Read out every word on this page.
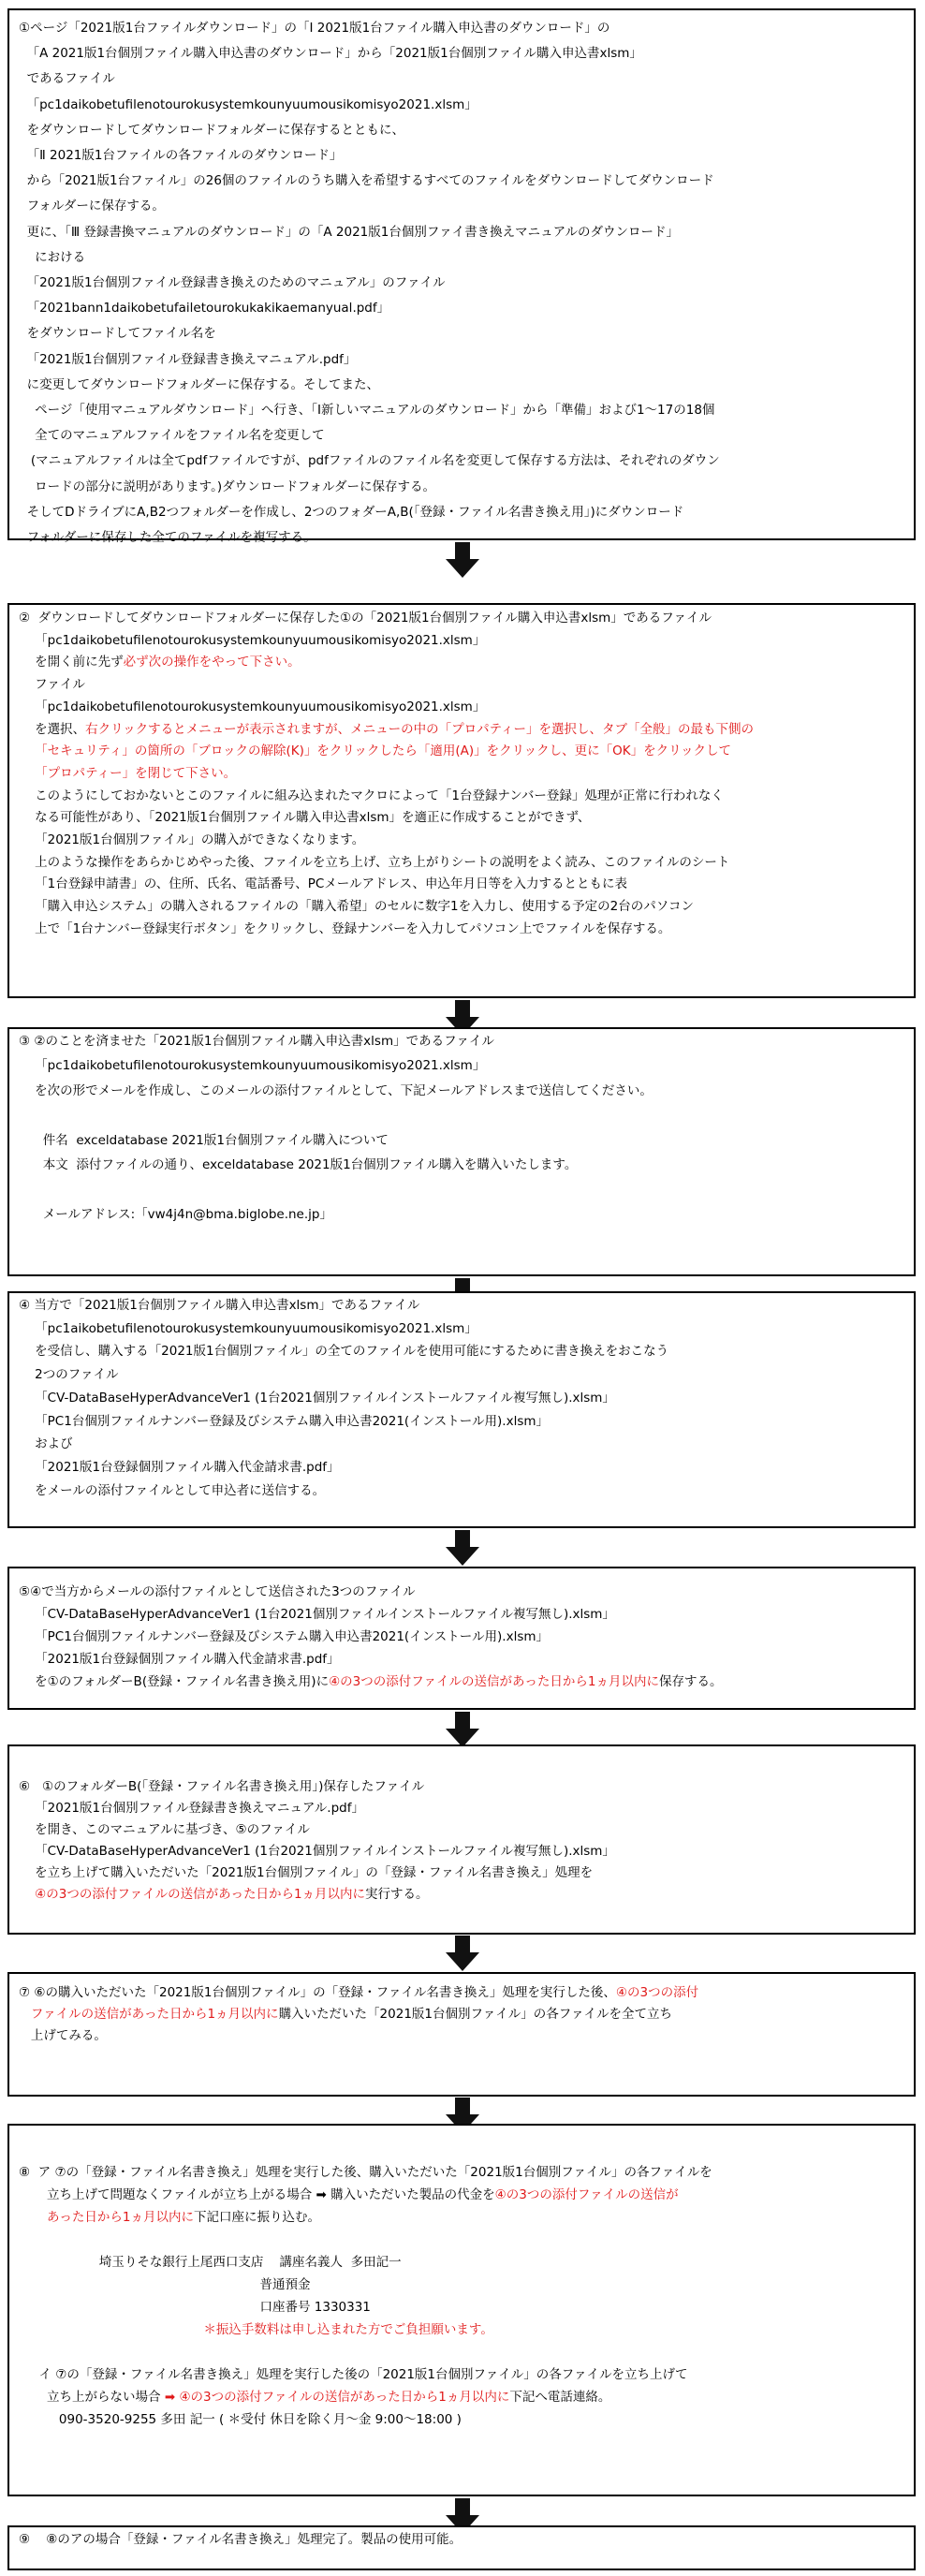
①ページ「2021版1台ファイルダウンロード」の「Ⅰ 2021版1台ファイル購入申込書のダウンロード」の
「A 2021版1台個別ファイル購入申込書のダウンロード」から「2021版1台個別ファイル購入申込書xlsm」
であるファイル
「pc1daikobetufilenotourokusystemkounyuumousikomisyo2021.xlsm」
をダウンロードしてダウンロードフォルダーに保存するとともに、
「Ⅱ 2021版1台ファイルの各ファイルのダウンロード」
から「2021版1台ファイル」の26個のファイルのうち購入を希望するすべてのファイルをダウンロードしてダウンロード
フォルダーに保存する。
更に、「Ⅲ 登録書換マニュアルのダウンロード」の「A 2021版1台個別ファイ書き換えマニュアルのダウンロード」
における
「2021版1台個別ファイル登録書き換えのためのマニュアル」のファイル
「2021bann1daikobetufailetourokukakikaemanyual.pdf」
をダウンロードしてファイル名を
「2021版1台個別ファイル登録書き換えマニュアル.pdf」
に変更してダウンロードフォルダーに保存する。そしてまた、
ページ「使用マニュアルダウンロード」へ行き、「Ⅰ新しいマニュアルのダウンロード」から「準備」および1～17の18個
全てのマニュアルファイルをファイル名を変更して
(マニュアルファイルは全てpdfファイルですが、pdfファイルのファイル名を変更して保存する方法は、それぞれのダウン
ロードの部分に説明があります。)ダウンロードフォルダーに保存する。
そしてDドライブにA,B2つフォルダーを作成し、2つのフォダーA,B(「登録・ファイル名書き換え用」)にダウンロード
フォルダーに保存した全てのファイルを複写する。
②  ダウンロードしてダウンロードフォルダーに保存した①の「2021版1台個別ファイル購入申込書xlsm」であるファイル
「pc1daikobetufilenotourokusystemkounyuumousikomisyo2021.xlsm」
を開く前に先ず必ず次の操作をやって下さい。
ファイル
「pc1daikobetufilenotourokusystemkounyuumousikomisyo2021.xlsm」
を選択、右クリックするとメニューが表示されますが、メニューの中の「プロパティー」を選択し、タブ「全般」の最も下側の
「セキュリティ」の箇所の「ブロックの解除(K)」をクリックしたら「適用(A)」をクリックし、更に「OK」をクリックして
「プロパティー」を閉じて下さい。
このようにしておかないとこのファイルに組み込まれたマクロによって「1台登録ナンバー登録」処理が正常に行われなく
なる可能性があり、「2021版1台個別ファイル購入申込書xlsm」を適正に作成することができず、
「2021版1台個別ファイル」の購入ができなくなります。
上のような操作をあらかじめやった後、ファイルを立ち上げ、立ち上がりシートの説明をよく読み、このファイルのシート
「1台登録申請書」の、住所、氏名、電話番号、PCメールアドレス、申込年月日等を入力するとともに表
「購入申込システム」の購入されるファイルの「購入希望」のセルに数字1を入力し、使用する予定の2台のパソコン
上で「1台ナンバー登録実行ボタン」をクリックし、登録ナンバーを入力してパソコン上でファイルを保存する。
③ ②のことを済ませた「2021版1台個別ファイル購入申込書xlsm」であるファイル
「pc1daikobetufilenotourokusystemkounyuumousikomisyo2021.xlsm」
を次の形でメールを作成し、このメールの添付ファイルとして、下記メールアドレスまで送信してください。
件名  exceldatabase 2021版1台個別ファイル購入について
本文  添付ファイルの通り、exceldatabase 2021版1台個別ファイル購入を購入いたします。
メールアドレス:「vw4j4n@bma.biglobe.ne.jp」
④ 当方で「2021版1台個別ファイル購入申込書xlsm」であるファイル
「pc1aikobetufilenotourokusystemkounyuumousikomisyo2021.xlsm」
を受信し、購入する「2021版1台個別ファイル」の全てのファイルを使用可能にするために書き換えをおこなう
2つのファイル
「CV-DataBaseHyperAdvanceVer1 (1台2021個別ファイルインストールファイル複写無し).xlsm」
「PC1台個別ファイルナンバー登録及びシステム購入申込書2021(インストール用).xlsm」
および
「2021版1台登録個別ファイル購入代金請求書.pdf」
をメールの添付ファイルとして申込者に送信する。
⑤④で当方からメールの添付ファイルとして送信された3つのファイル
「CV-DataBaseHyperAdvanceVer1 (1台2021個別ファイルインストールファイル複写無し).xlsm」
「PC1台個別ファイルナンバー登録及びシステム購入申込書2021(インストール用).xlsm」
「2021版1台登録個別ファイル購入代金請求書.pdf」
を①のフォルダーB(登録・ファイル名書き換え用)に④の3つの添付ファイルの送信があった日から1ヵ月以内に保存する。
⑥   ①のフォルダーB(「登録・ファイル名書き換え用」)保存したファイル
「2021版1台個別ファイル登録書き換えマニュアル.pdf」
を開き、このマニュアルに基づき、⑤のファイル
「CV-DataBaseHyperAdvanceVer1 (1台2021個別ファイルインストールファイル複写無し).xlsm」
を立ち上げて購入いただいた「2021版1台個別ファイル」の「登録・ファイル名書き換え」処理を
④の3つの添付ファイルの送信があった日から1ヵ月以内に実行する。
⑦ ⑥の購入いただいた「2021版1台個別ファイル」の「登録・ファイル名書き換え」処理を実行した後、④の3つの添付
ファイルの送信があった日から1ヵ月以内に購入いただいた「2021版1台個別ファイル」の各ファイルを全て立ち
上げてみる。
⑧  ア ⑦の「登録・ファイル名書き換え」処理を実行した後、購入いただいた「2021版1台個別ファイル」の各ファイルを
立ち上げて問題なくファイルが立ち上がる場合 ➡ 購入いただいた製品の代金を④の3つの添付ファイルの送信が
あった日から1ヵ月以内に下記口座に振り込む。
埼玉りそな銀行上尾西口支店    講座名義人  多田記一
普通預金
口座番号 1330331
＊振込手数料は申し込まれた方でご負担願います。
イ ⑦の「登録・ファイル名書き換え」処理を実行した後の「2021版1台個別ファイル」の各ファイルを立ち上げて
立ち上がらない場合 ➡ ④の3つの添付ファイルの送信があった日から1ヵ月以内に下記へ電話連絡。
090-3520-9255 多田 記一 ( ＊受付 休日を除く月～金 9:00～18:00 )
⑨    ⑧のアの場合「登録・ファイル名書き換え」処理完了。製品の使用可能。
